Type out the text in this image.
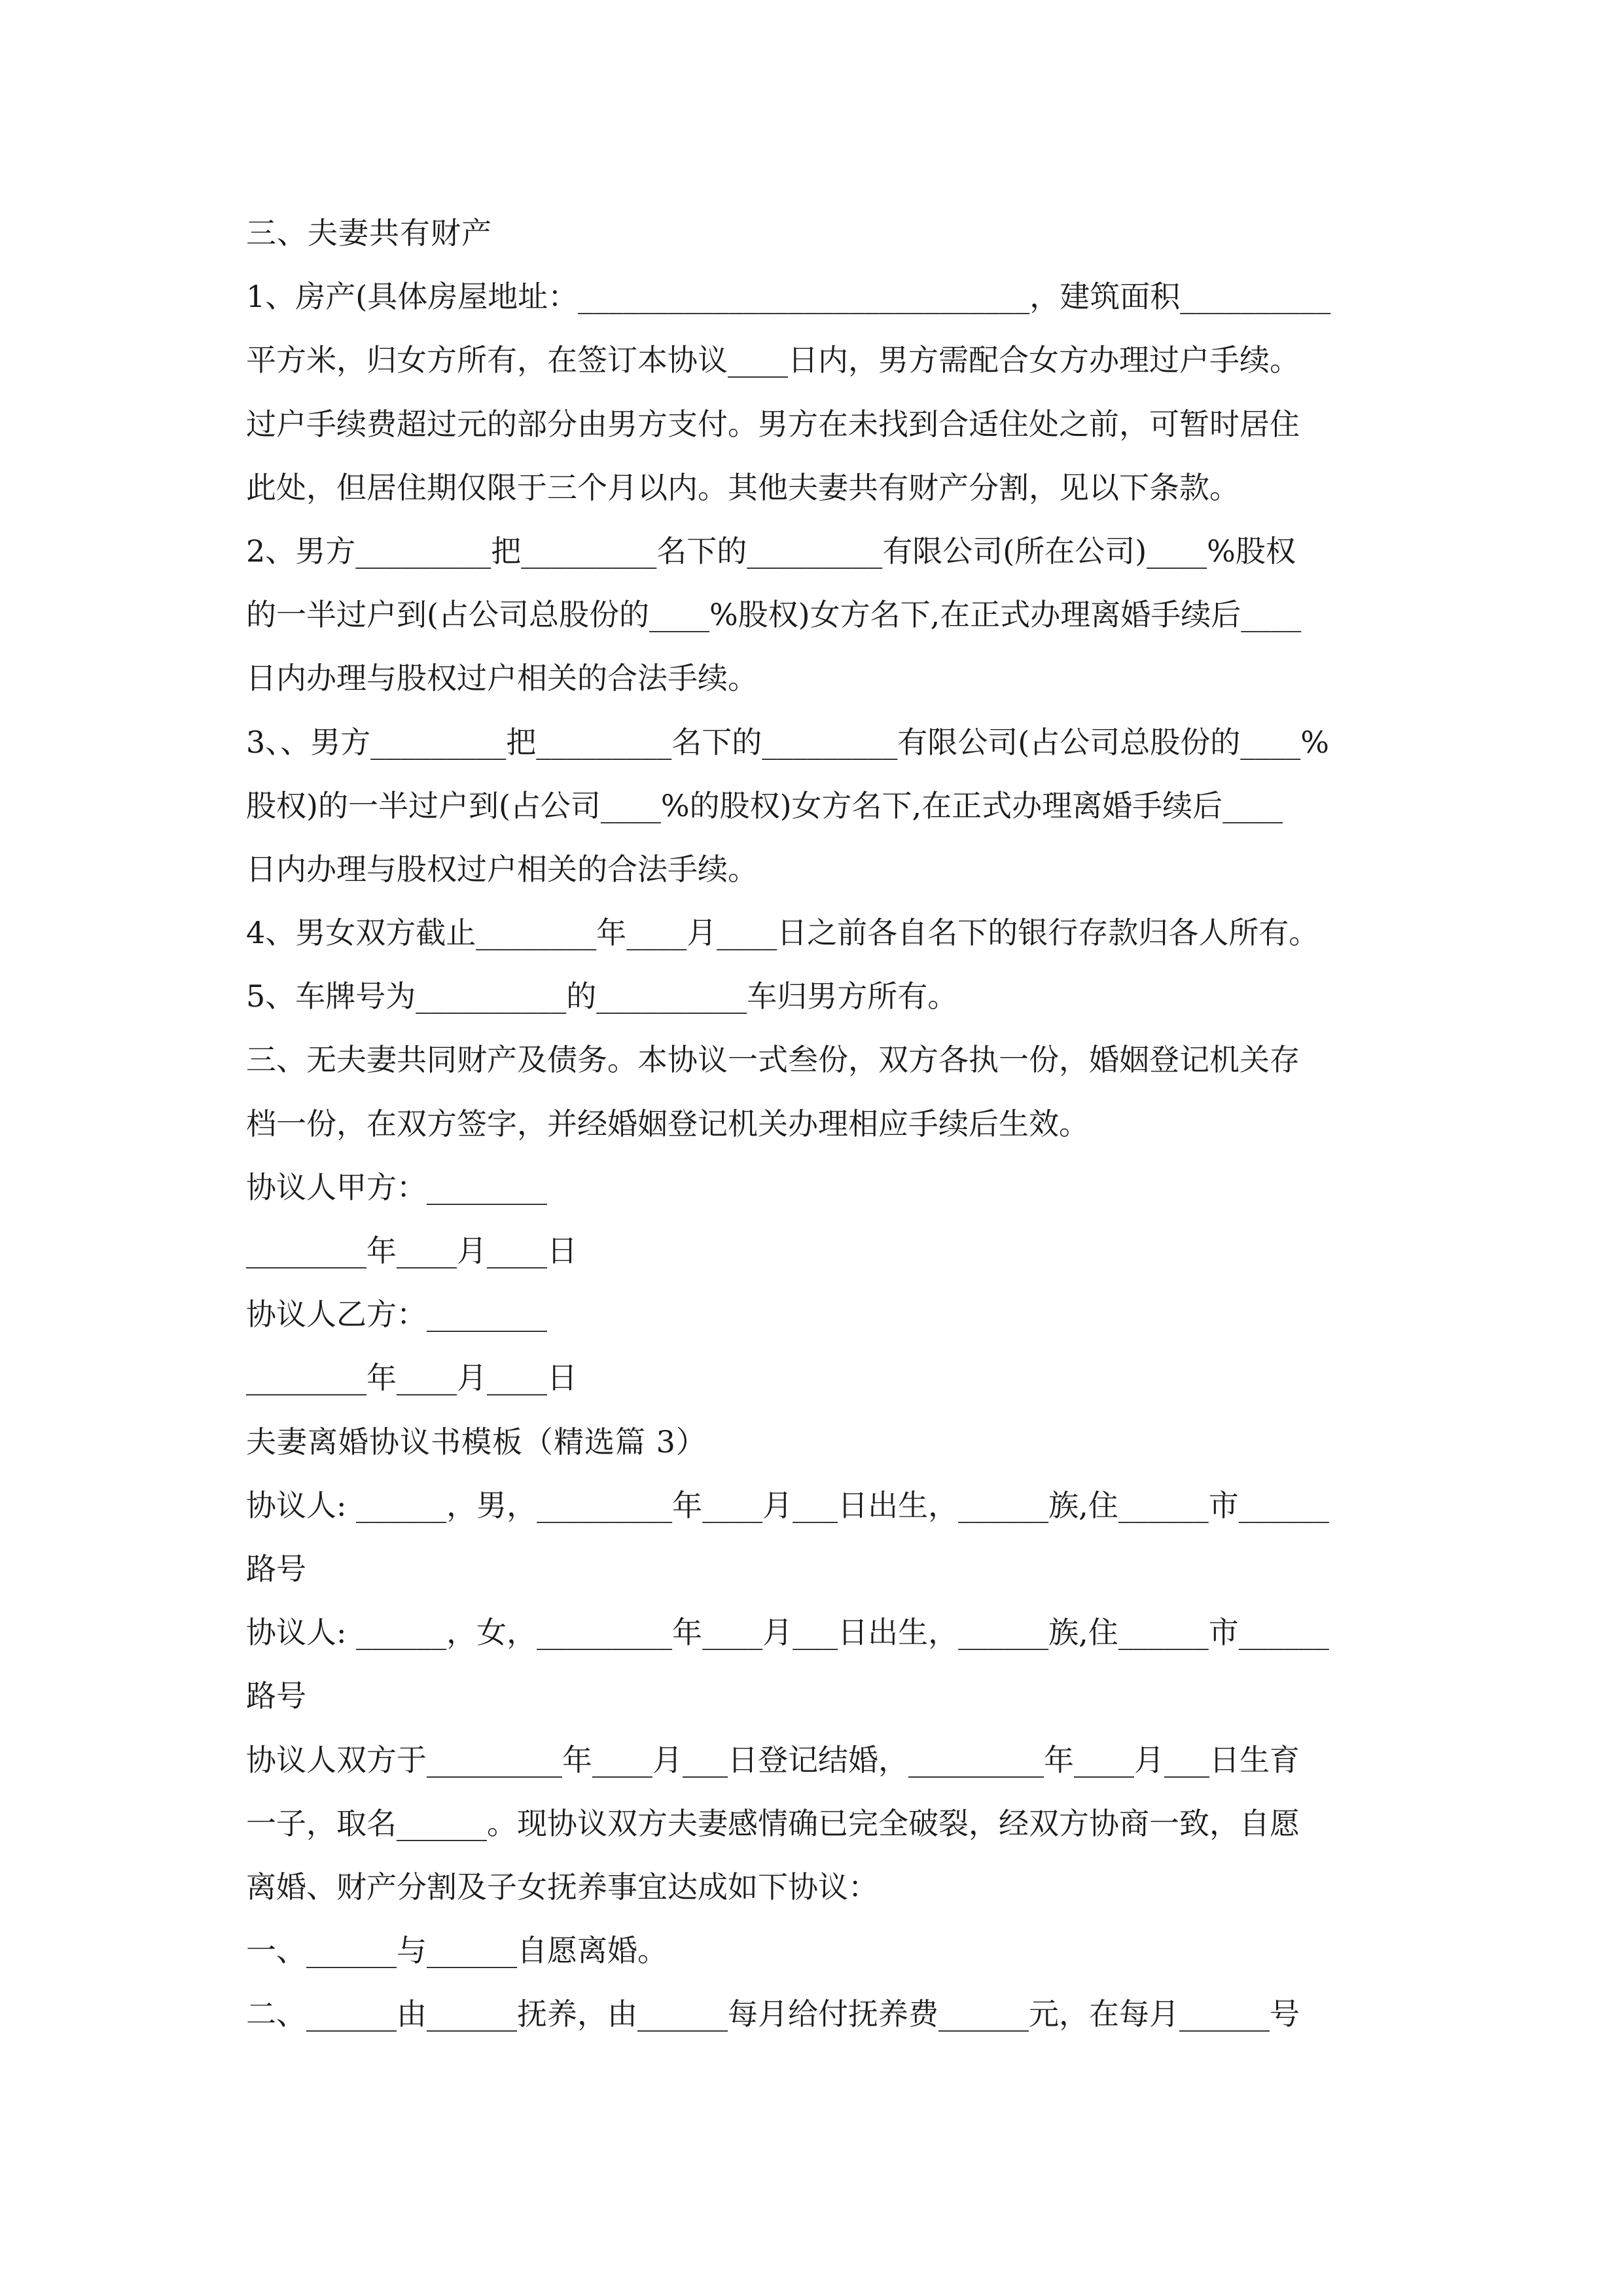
三、夫妻共有财产
1、房产(具体房屋地址：______________________________，建筑面积__________
平方米，归女方所有，在签订本协议____日内，男方需配合女方办理过户手续。
过户手续费超过元的部分由男方支付。男方在未找到合适住处之前，可暂时居住
此处，但居住期仅限于三个月以内。其他夫妻共有财产分割，见以下条款。
2、男方_________把_________名下的_________有限公司(所在公司)____%股权
的一半过户到(占公司总股份的____%股权)女方名下,在正式办理离婚手续后____
日内办理与股权过户相关的合法手续。
3、、男方_________把_________名下的_________有限公司(占公司总股份的____%
股权)的一半过户到(占公司____%的股权)女方名下,在正式办理离婚手续后____
日内办理与股权过户相关的合法手续。
4、男女双方截止________年____月____日之前各自名下的银行存款归各人所有。
5、车牌号为__________的__________车归男方所有。
三、无夫妻共同财产及债务。本协议一式叁份，双方各执一份，婚姻登记机关存
档一份，在双方签字，并经婚姻登记机关办理相应手续后生效。
协议人甲方：________
________年____月____日
协议人乙方：________
________年____月____日
夫妻离婚协议书模板（精选篇 3）
协议人: ______，男，_________年____月___日出生，______族,住______市______
路号
协议人: ______，女，_________年____月___日出生，______族,住______市______
路号
协议人双方于_________年____月___日登记结婚，_________年____月___日生育
一子，取名______。现协议双方夫妻感情确已完全破裂，经双方协商一致，自愿
离婚、财产分割及子女抚养事宜达成如下协议：
一、______与______自愿离婚。
二、______由______抚养，由______每月给付抚养费______元，在每月______号
